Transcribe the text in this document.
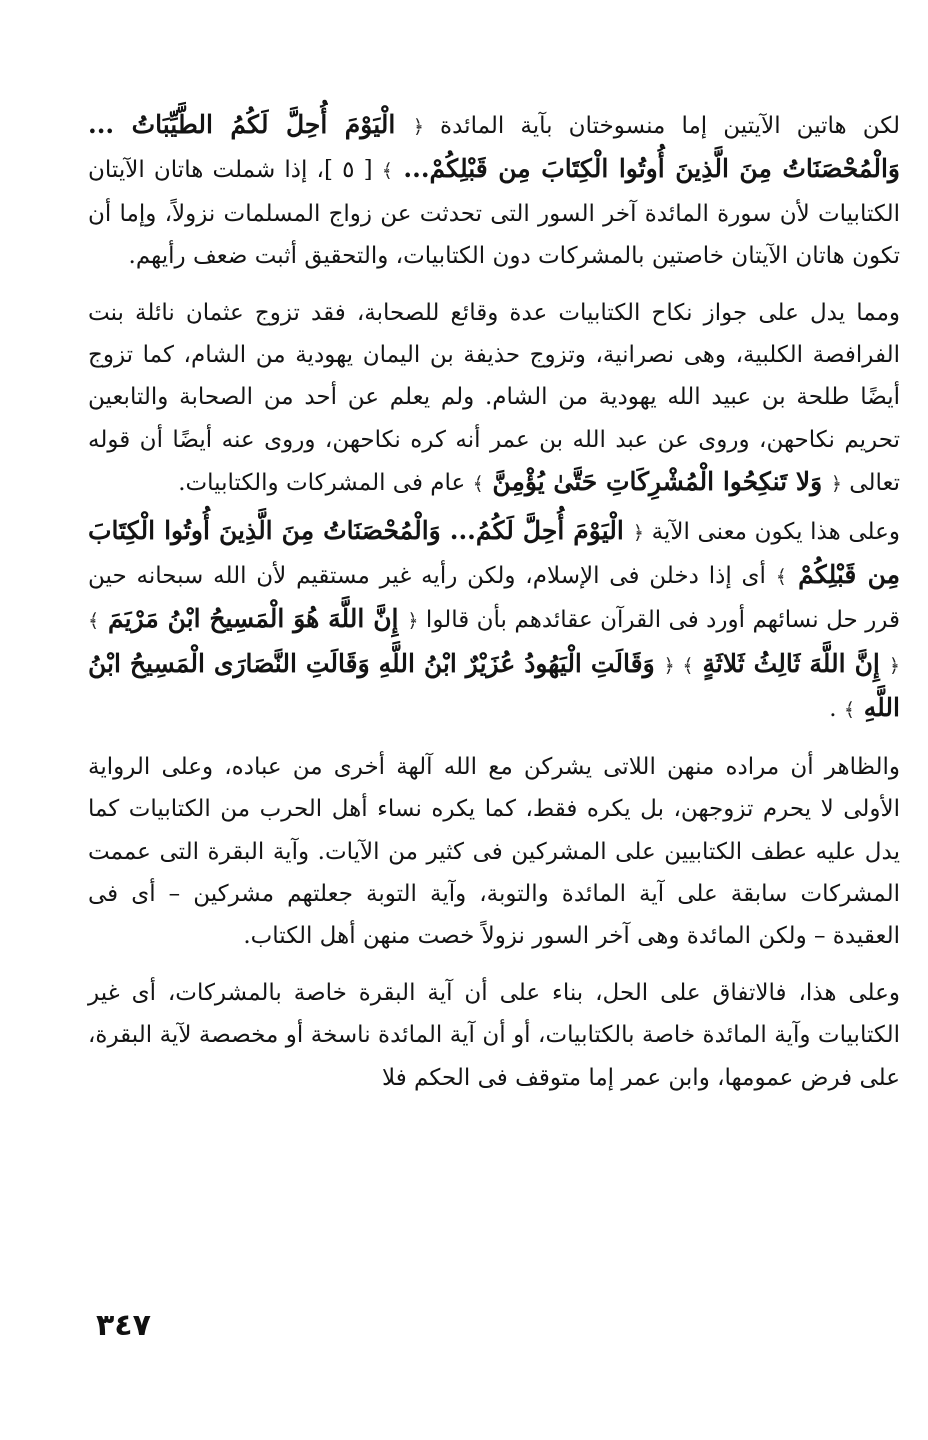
لكن هاتين الآيتين إما منسوختان بآية المائدة ﴿ الْيَوْمَ أُحِلَّ لَكُمُ الطَّيِّبَاتُ ... وَالْمُحْصَنَاتُ مِنَ الَّذِينَ أُوتُوا الْكِتَابَ مِن قَبْلِكُمْ... ﴾ [ ٥ ]، إذا شملت هاتان الآيتان الكتابيات لأن سورة المائدة آخر السور التى تحدثت عن زواج المسلمات نزولاً، وإما أن تكون هاتان الآيتان خاصتين بالمشركات دون الكتابيات، والتحقيق أثبت ضعف رأيهم.

ومما يدل على جواز نكاح الكتابيات عدة وقائع للصحابة، فقد تزوج عثمان نائلة بنت الفرافصة الكلبية، وهى نصرانية، وتزوج حذيفة بن اليمان يهودية من الشام، كما تزوج أيضًا طلحة بن عبيد الله يهودية من الشام. ولم يعلم عن أحد من الصحابة والتابعين تحريم نكاحهن، وروى عن عبد الله بن عمر أنه كره نكاحهن، وروى عنه أيضًا أن قوله تعالى ﴿ وَلا تَنكِحُوا الْمُشْرِكَاتِ حَتَّىٰ يُؤْمِنَّ ﴾ عام فى المشركات والكتابيات.

وعلى هذا يكون معنى الآية ﴿ الْيَوْمَ أُحِلَّ لَكُمُ... وَالْمُحْصَنَاتُ مِنَ الَّذِينَ أُوتُوا الْكِتَابَ مِن قَبْلِكُمْ ﴾ أى إذا دخلن فى الإسلام، ولكن رأيه غير مستقيم لأن الله سبحانه حين قرر حل نسائهم أورد فى القرآن عقائدهم بأن قالوا ﴿ إِنَّ اللَّهَ هُوَ الْمَسِيحُ ابْنُ مَرْيَمَ ﴾ ﴿ إِنَّ اللَّهَ ثَالِثُ ثَلاثَةٍ ﴾ ﴿ وَقَالَتِ الْيَهُودُ عُزَيْرٌ ابْنُ اللَّهِ وَقَالَتِ النَّصَارَى الْمَسِيحُ ابْنُ اللَّهِ ﴾ .

والظاهر أن مراده منهن اللاتى يشركن مع الله آلهة أخرى من عباده، وعلى الرواية الأولى لا يحرم تزوجهن، بل يكره فقط، كما يكره نساء أهل الحرب من الكتابيات كما يدل عليه عطف الكتابيين على المشركين فى كثير من الآيات. وآية البقرة التى عممت المشركات سابقة على آية المائدة والتوبة، وآية التوبة جعلتهم مشركين – أى فى العقيدة – ولكن المائدة وهى آخر السور نزولاً خصت منهن أهل الكتاب.

وعلى هذا، فالاتفاق على الحل، بناء على أن آية البقرة خاصة بالمشركات، أى غير الكتابيات وآية المائدة خاصة بالكتابيات، أو أن آية المائدة ناسخة أو مخصصة لآية البقرة، على فرض عمومها، وابن عمر إما متوقف فى الحكم فلا

٣٤٧
